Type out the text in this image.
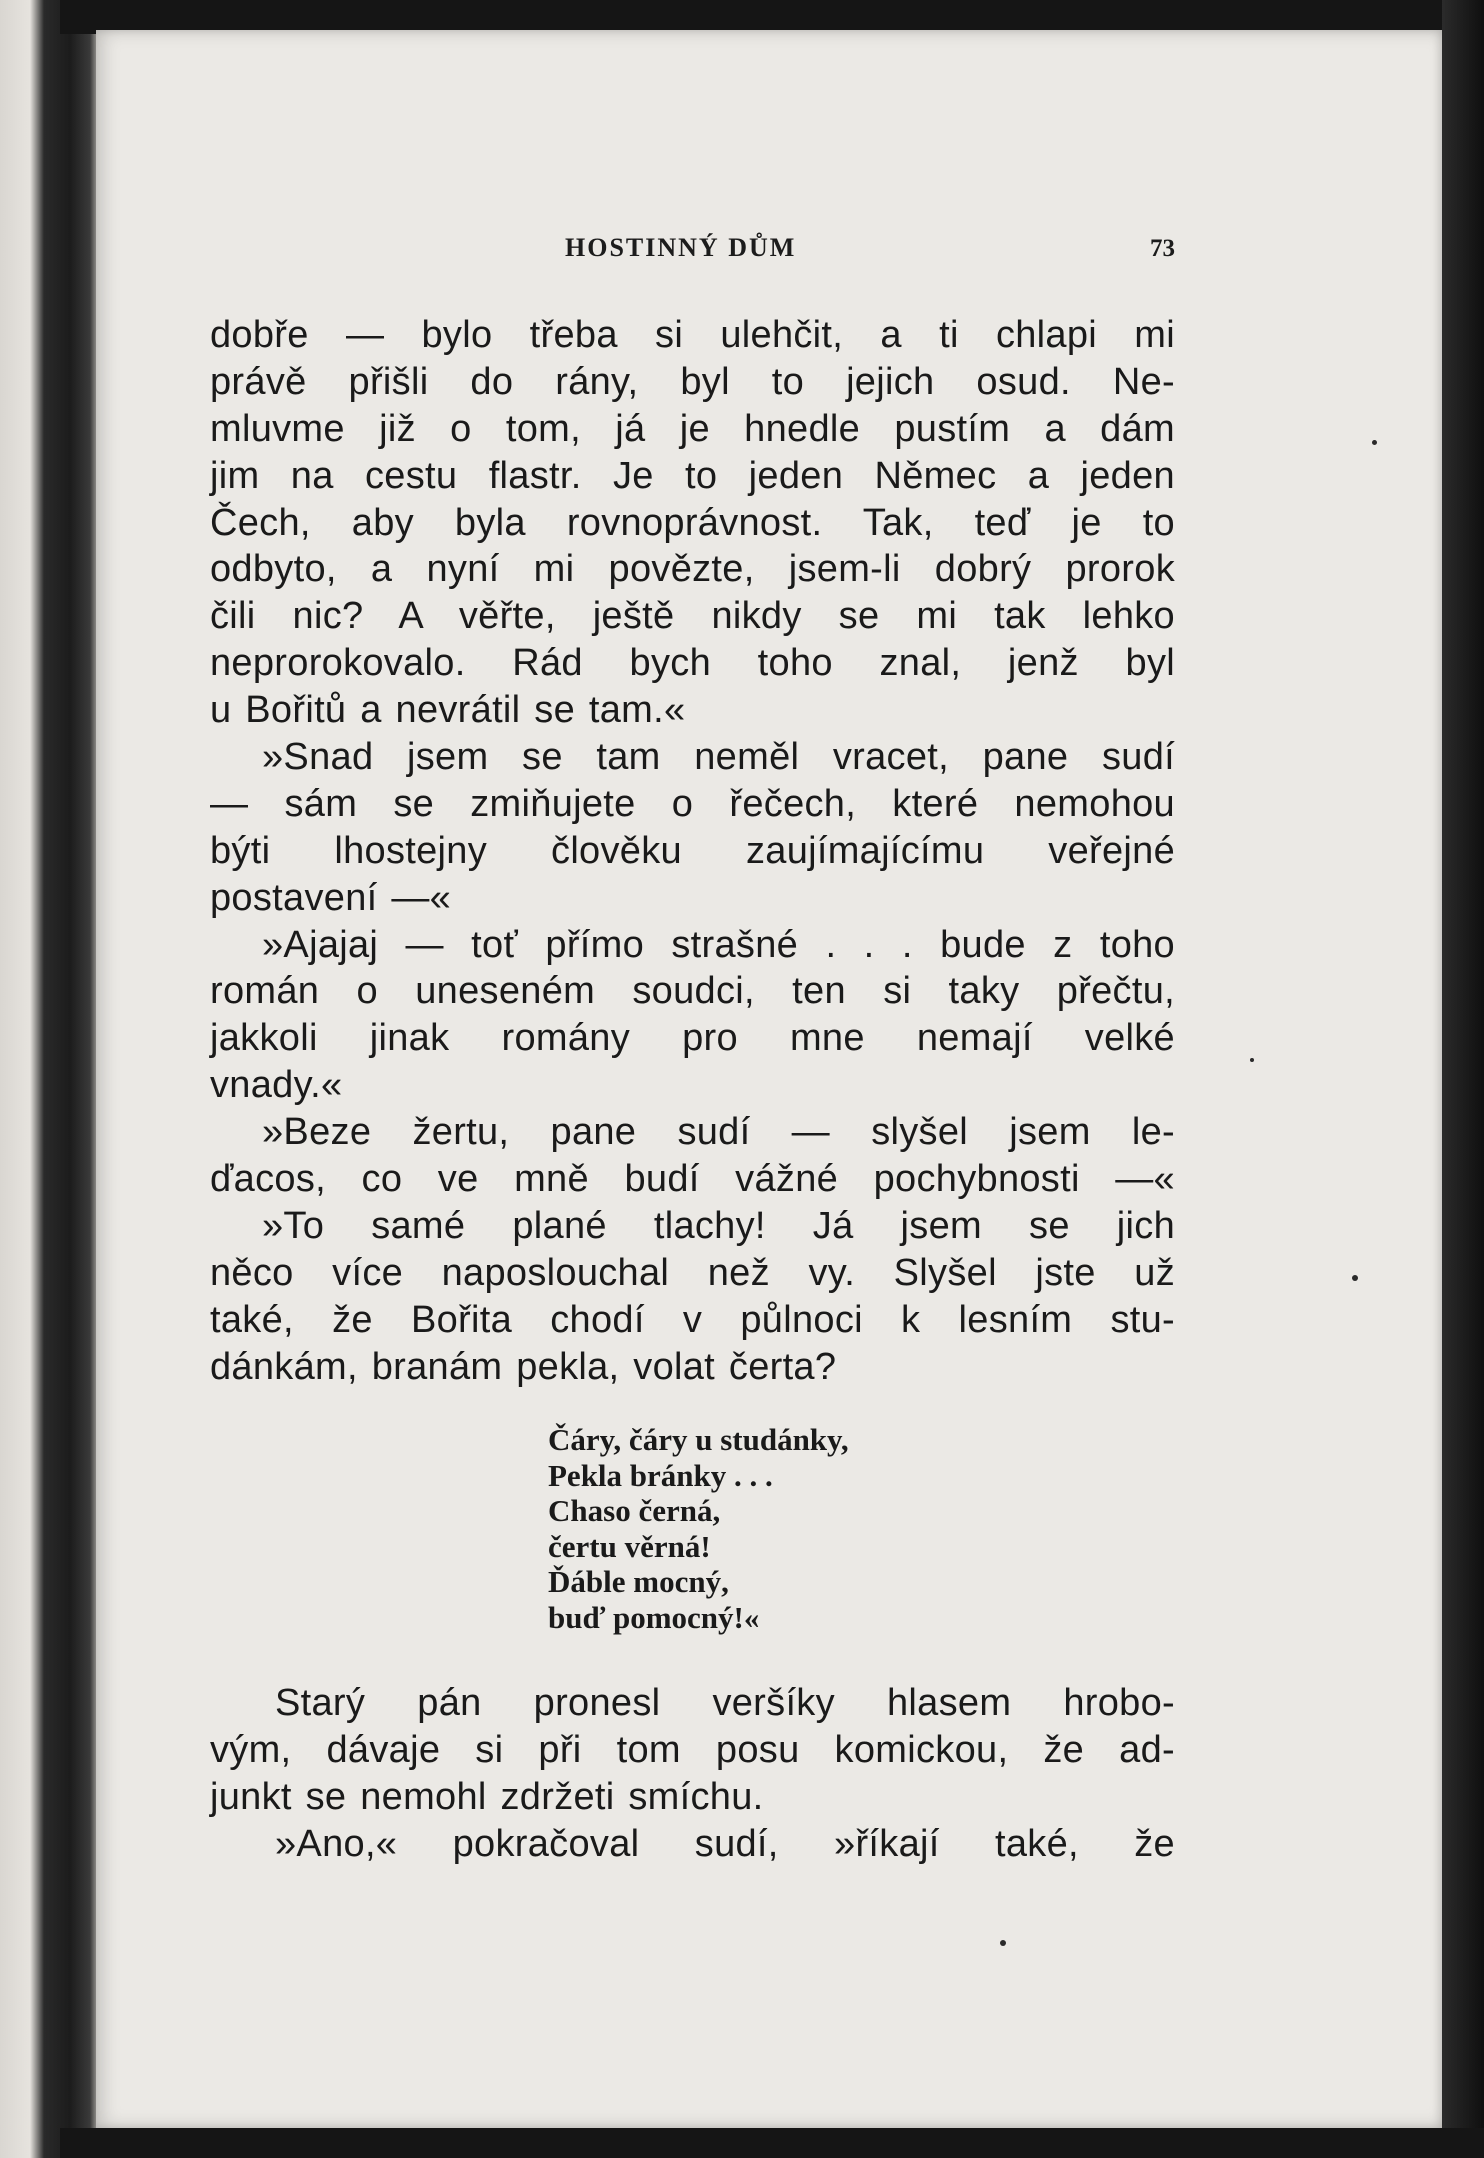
HOSTINNÝ DŮM	73
dobře — bylo třeba si ulehčit, a ti chlapi mi
právě přišli do rány, byl to jejich osud. Ne-
mluvme již o tom, já je hnedle pustím a dám
jim na cestu flastr. Je to jeden Němec a jeden
Čech, aby byla rovnoprávnost. Tak, teď je to
odbyto, a nyní mi povězte, jsem-li dobrý prorok
čili nic? A věřte, ještě nikdy se mi tak lehko
neprorokovalo. Rád bych toho znal, jenž byl
u Bořitů a nevrátil se tam.«
»Snad jsem se tam neměl vracet, pane sudí
— sám se zmiňujete o řečech, které nemohou
býti lhostejny člověku zaujímajícímu veřejné
postavení —«
»Ajajaj — toť přímo strašné . . . bude z toho
román o uneseném soudci, ten si taky přečtu,
jakkoli jinak romány pro mne nemají velké
vnady.«
»Beze žertu, pane sudí — slyšel jsem le-
ďacos, co ve mně budí vážné pochybnosti —«
»To samé plané tlachy! Já jsem se jich
něco více naposlouchal než vy. Slyšel jste už
také, že Bořita chodí v půlnoci k lesním stu-
dánkám, branám pekla, volat čerta?
Čáry, čáry u studánky,
Pekla bránky . . .
Chaso černá,
čertu věrná!
Ďáble mocný,
buď pomocný!«
Starý pán pronesl veršíky hlasem hrobo-
vým, dávaje si při tom posu komickou, že ad-
junkt se nemohl zdržeti smíchu.
»Ano,« pokračoval sudí, »říkají také, že
